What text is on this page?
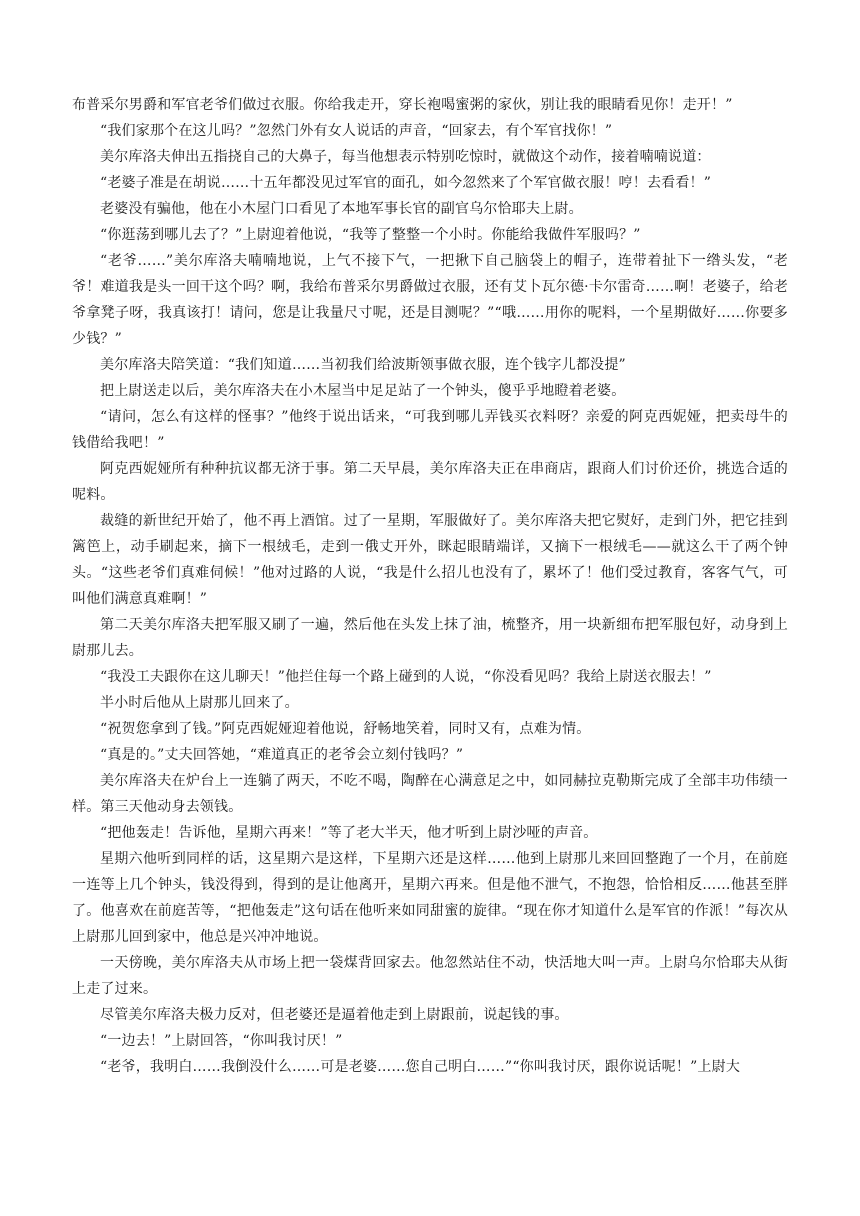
布普采尔男爵和军官老爷们做过衣服。你给我走开，穿长袍喝蜜粥的家伙，别让我的眼睛看见你！走开！”

“我们家那个在这儿吗？”忽然门外有女人说话的声音，“回家去，有个军官找你！”

美尔库洛夫伸出五指挠自己的大鼻子，每当他想表示特别吃惊时，就做这个动作，接着喃喃说道：

“老婆子准是在胡说……十五年都没见过军官的面孔，如今忽然来了个军官做衣服！哼！去看看！”

老婆没有骗他，他在小木屋门口看见了本地军事长官的副官乌尔恰耶夫上尉。

“你逛荡到哪儿去了？”上尉迎着他说，“我等了整整一个小时。你能给我做件军服吗？”

“老爷……”美尔库洛夫喃喃地说，上气不接下气，一把揪下自己脑袋上的帽子，连带着扯下一绺头发，“老爷！难道我是头一回干这个吗？啊，我给布普采尔男爵做过衣服，还有艾卜瓦尔德·卡尔雷奇……啊！老婆子，给老爷拿凳子呀，我真该打！请问，您是让我量尺寸呢，还是目测呢？”“哦……用你的呢料，一个星期做好……你要多少钱？”

美尔库洛夫陪笑道：“我们知道……当初我们给波斯领事做衣服，连个钱字儿都没提”

把上尉送走以后，美尔库洛夫在小木屋当中足足站了一个钟头，傻乎乎地瞪着老婆。

“请问，怎么有这样的怪事？”他终于说出话来，“可我到哪儿弄钱买衣料呀？亲爱的阿克西妮娅，把卖母牛的钱借给我吧！”

阿克西妮娅所有种种抗议都无济于事。第二天早晨，美尔库洛夫正在串商店，跟商人们讨价还价，挑选合适的呢料。

裁缝的新世纪开始了，他不再上酒馆。过了一星期，军服做好了。美尔库洛夫把它熨好，走到门外，把它挂到篱笆上，动手刷起来，摘下一根绒毛，走到一俄丈开外，眯起眼睛端详，又摘下一根绒毛——就这么干了两个钟头。“这些老爷们真难伺候！”他对过路的人说，“我是什么招儿也没有了，累坏了！他们受过教育，客客气气，可叫他们满意真难啊！”

第二天美尔库洛夫把军服又刷了一遍，然后他在头发上抹了油，梳整齐，用一块新细布把军服包好，动身到上尉那儿去。

“我没工夫跟你在这儿聊天！”他拦住每一个路上碰到的人说，“你没看见吗？我给上尉送衣服去！”

半小时后他从上尉那儿回来了。

“祝贺您拿到了钱。”阿克西妮娅迎着他说，舒畅地笑着，同时又有，点难为情。

“真是的。”丈夫回答她，“难道真正的老爷会立刻付钱吗？”

美尔库洛夫在炉台上一连躺了两天，不吃不喝，陶醉在心满意足之中，如同赫拉克勒斯完成了全部丰功伟绩一样。第三天他动身去领钱。

“把他轰走！告诉他，星期六再来！”等了老大半天，他才听到上尉沙哑的声音。

星期六他听到同样的话，这星期六是这样，下星期六还是这样……他到上尉那儿来回回整跑了一个月，在前庭一连等上几个钟头，钱没得到，得到的是让他离开，星期六再来。但是他不泄气，不抱怨，恰恰相反……他甚至胖了。他喜欢在前庭苦等，“把他轰走”这句话在他听来如同甜蜜的旋律。“现在你才知道什么是军官的作派！”每次从上尉那儿回到家中，他总是兴冲冲地说。

一天傍晚，美尔库洛夫从市场上把一袋煤背回家去。他忽然站住不动，快活地大叫一声。上尉乌尔恰耶夫从街上走了过来。

尽管美尔库洛夫极力反对，但老婆还是逼着他走到上尉跟前，说起钱的事。

“一边去！”上尉回答，“你叫我讨厌！”

“老爷，我明白……我倒没什么……可是老婆……您自己明白……”“你叫我讨厌，跟你说话呢！”上尉大
